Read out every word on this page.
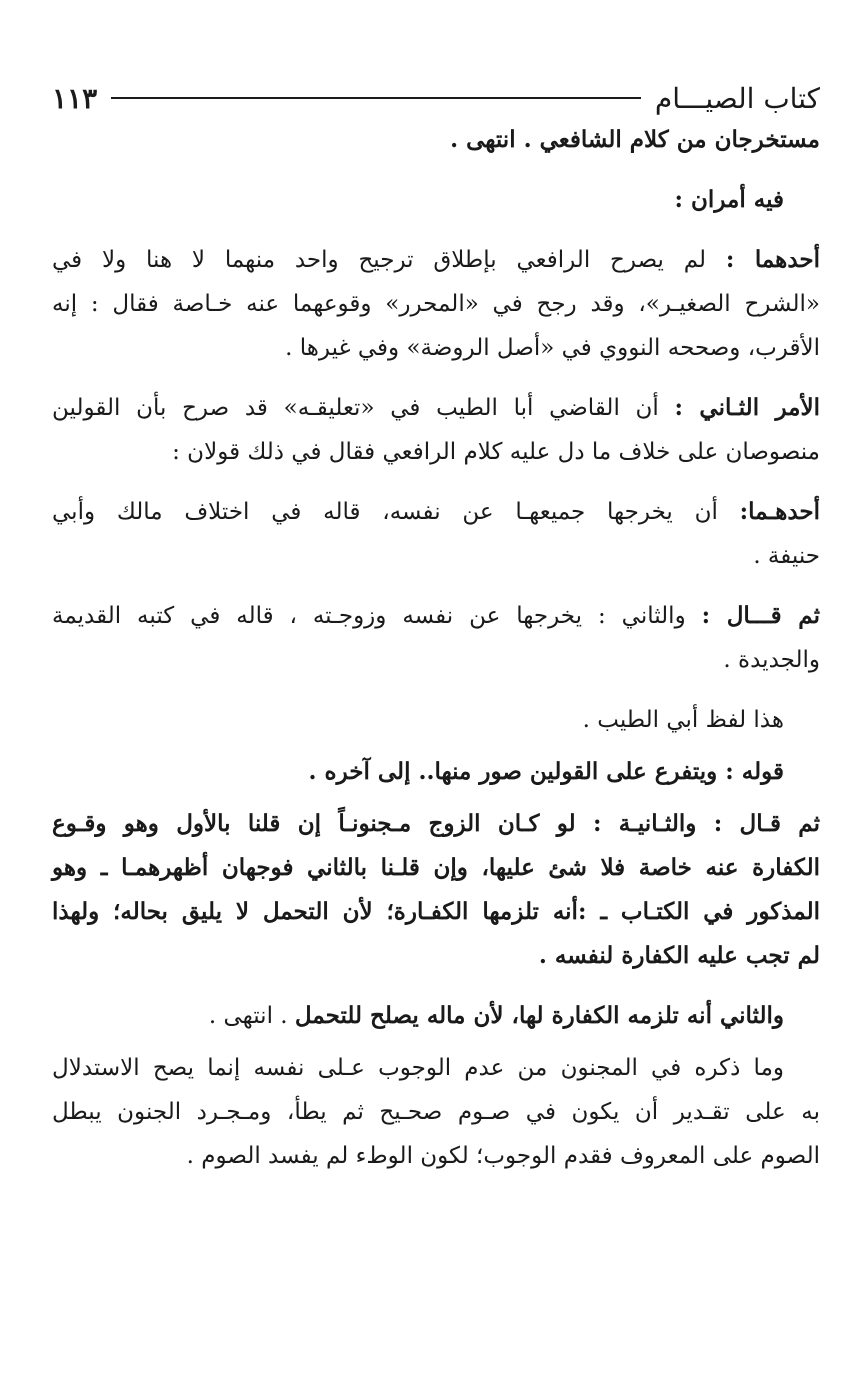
كتاب الصيـــام
١١٣
مستخرجان من كلام الشافعي . انتهى .
فيه أمران :
أحدهما : لم يصرح الرافعي بإطلاق ترجيح واحد منهما لا هنا ولا في
«الشرح الصغيـر»، وقد رجح في «المحرر» وقوعهما عنه خـاصة فقال : إنه
الأقرب، وصححه النووي في «أصل الروضة» وفي غيرها .
الأمر الثـاني : أن القاضي أبا الطيب في «تعليقـه» قد صرح بأن القولين
منصوصان على خلاف ما دل عليه كلام الرافعي فقال في ذلك قولان :
أحدهـما: أن يخرجها جميعهـا عن نفسه، قاله في اختلاف مالك وأبي
حنيفة .
ثم قـــال : والثاني : يخرجها عن نفسه وزوجـته ، قاله في كتبه القديمة
والجديدة .
هذا لفظ أبي الطيب .
قوله : ويتفرع على القولين صور منها.. إلى آخره .
ثم قـال : والثـانيـة : لو كـان الزوج مـجنونـاً إن قلنا بالأول وهو وقـوع
الكفارة عنه خاصة فلا شئ عليها، وإن قلـنا بالثاني فوجهان أظهرهمـا ـ وهو
المذكور في الكتـاب ـ :أنه تلزمها الكفـارة؛ لأن التحمل لا يليق بحاله؛ ولهذا
لم تجب عليه الكفارة لنفسه .
والثاني أنه تلزمه الكفارة لها، لأن ماله يصلح للتحمل . انتهى .
وما ذكره في المجنون من عدم الوجوب عـلى نفسه إنما يصح الاستدلال
به على تقـدير أن يكون في صـوم صحـيح ثم يطأ، ومـجـرد الجنون يبطل
الصوم على المعروف فقدم الوجوب؛ لكون الوطء لم يفسد الصوم .
